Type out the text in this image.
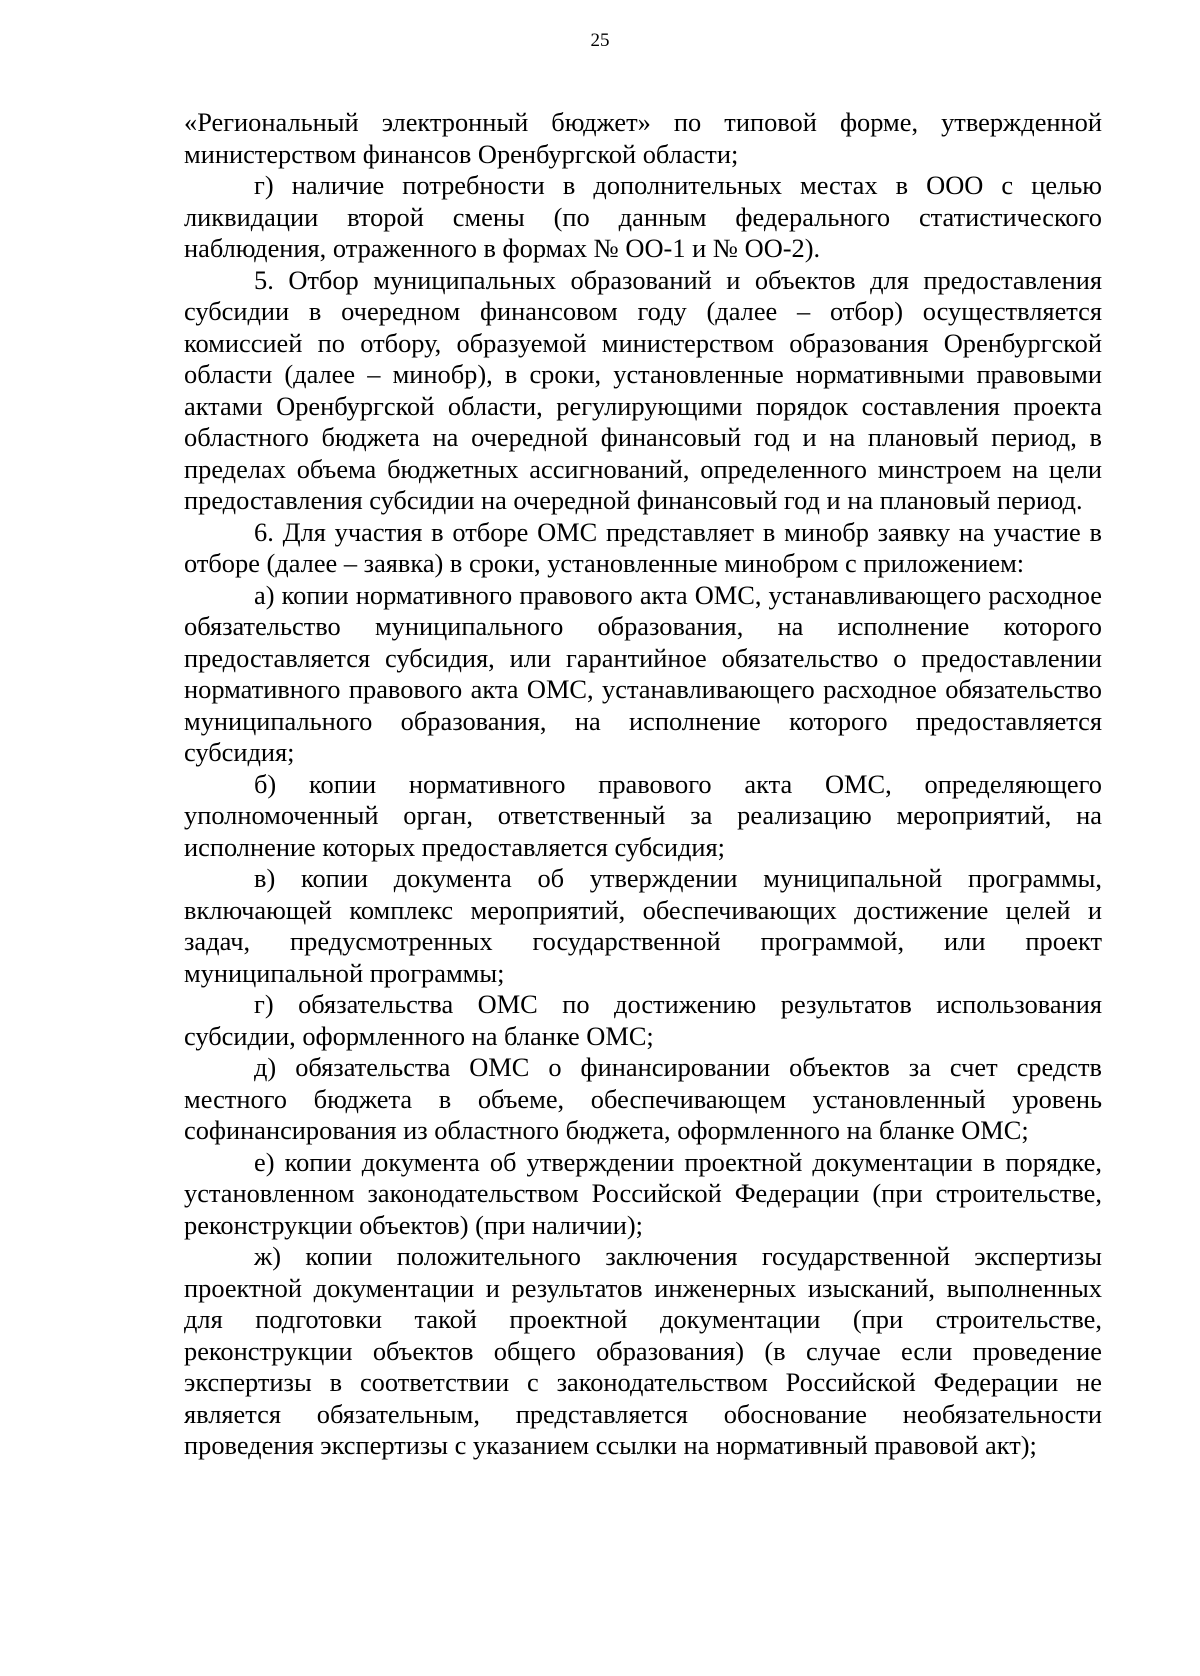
25

«Региональный электронный бюджет» по типовой форме, утвержденной министерством финансов Оренбургской области;

г) наличие потребности в дополнительных местах в ООО с целью ликвидации второй смены (по данным федерального статистического наблюдения, отраженного в формах № ОО-1 и № ОО-2).

5. Отбор муниципальных образований и объектов для предоставления субсидии в очередном финансовом году (далее – отбор) осуществляется комиссией по отбору, образуемой министерством образования Оренбургской области (далее – минобр), в сроки, установленные нормативными правовыми актами Оренбургской области, регулирующими порядок составления проекта областного бюджета на очередной финансовый год и на плановый период, в пределах объема бюджетных ассигнований, определенного минстроем на цели предоставления субсидии на очередной финансовый год и на плановый период.

6. Для участия в отборе ОМС представляет в минобр заявку на участие в отборе (далее – заявка) в сроки, установленные минобром с приложением:

а) копии нормативного правового акта ОМС, устанавливающего расходное обязательство муниципального образования, на исполнение которого предоставляется субсидия, или гарантийное обязательство о предоставлении нормативного правового акта ОМС, устанавливающего расходное обязательство муниципального образования, на исполнение которого предоставляется субсидия;

б) копии нормативного правового акта ОМС, определяющего уполномоченный орган, ответственный за реализацию мероприятий, на исполнение которых предоставляется субсидия;

в) копии документа об утверждении муниципальной программы, включающей комплекс мероприятий, обеспечивающих достижение целей и задач, предусмотренных государственной программой, или проект муниципальной программы;

г) обязательства ОМС по достижению результатов использования субсидии, оформленного на бланке ОМС;

д) обязательства ОМС о финансировании объектов за счет средств местного бюджета в объеме, обеспечивающем установленный уровень софинансирования из областного бюджета, оформленного на бланке ОМС;

е) копии документа об утверждении проектной документации в порядке, установленном законодательством Российской Федерации (при строительстве, реконструкции объектов) (при наличии);

ж) копии положительного заключения государственной экспертизы проектной документации и результатов инженерных изысканий, выполненных для подготовки такой проектной документации (при строительстве, реконструкции объектов общего образования) (в случае если проведение экспертизы в соответствии с законодательством Российской Федерации не является обязательным, представляется обоснование необязательности проведения экспертизы с указанием ссылки на нормативный правовой акт);
